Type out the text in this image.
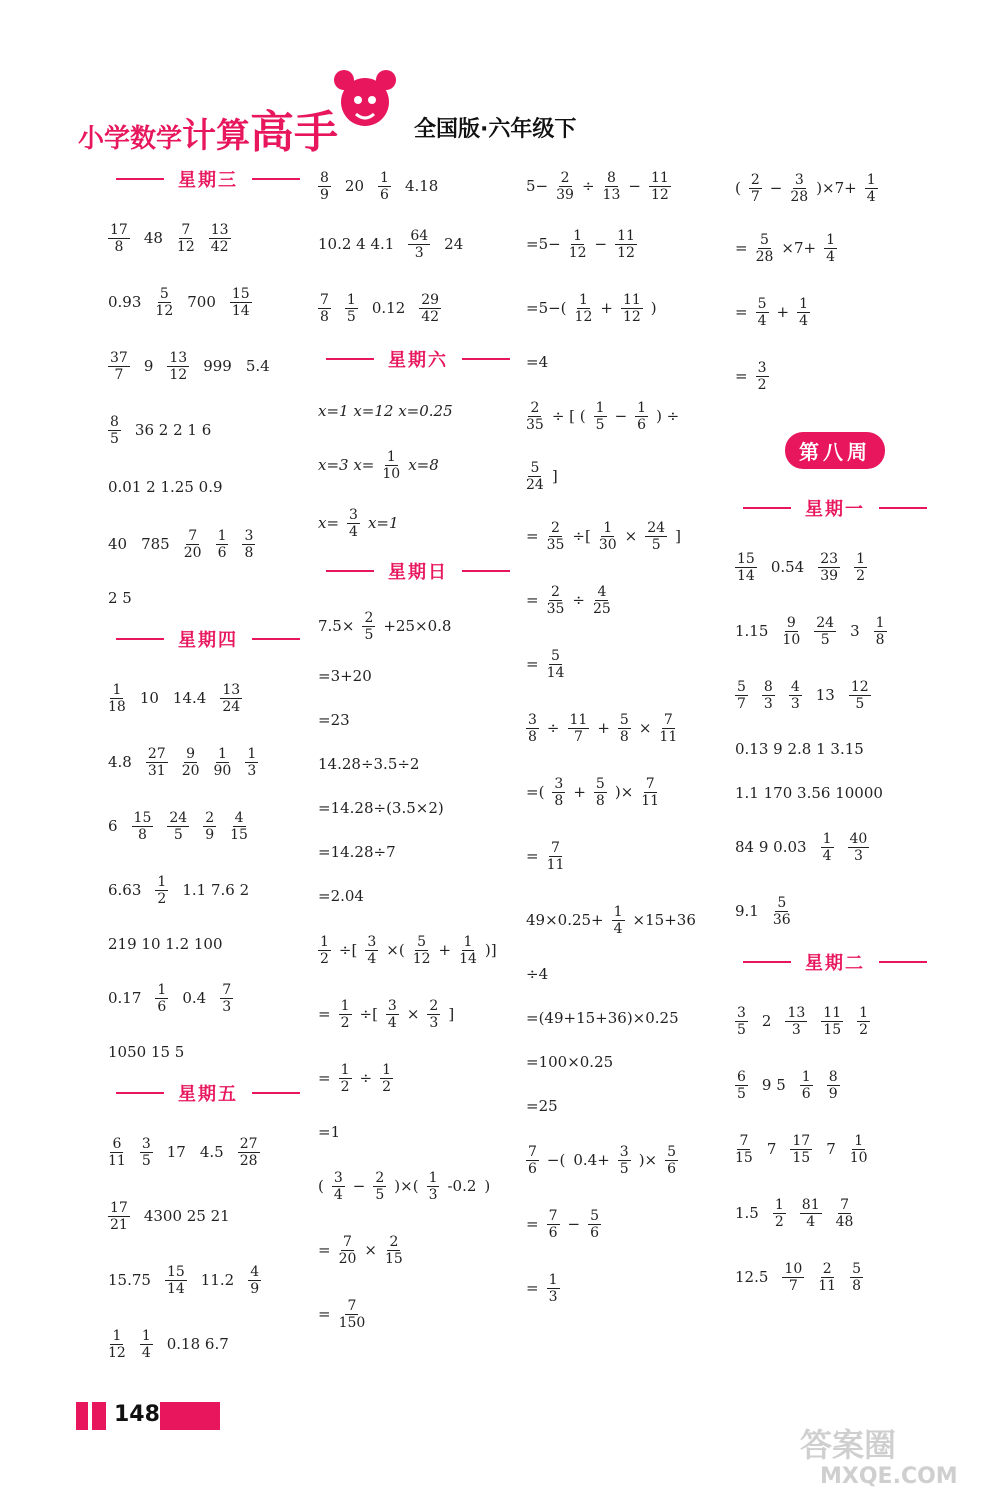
小学数学计算高手	全国版·六年级下
星期三
$\frac{17}{8} 48 \frac{7}{12} \frac{13}{42}$
$0.93 \frac{5}{12} 700 \frac{15}{14}$
$\frac{37}{7} 9 \frac{13}{12} 999$ 5.4
$\frac{8}{5} 36$ 2 2 1 6
0.01 2 1.25 0.9
40 $785 \frac{7}{20} \frac{1}{6} \frac{3}{8}$
2 5
星期四
$\frac{1}{18} 10$ $14.4 \frac{13}{24}$
$4.8 \frac{27}{31} \frac{9}{20} \frac{1}{90} \frac{1}{3}$
$6 \frac{15}{8} \frac{24}{5} \frac{2}{9} \frac{4}{15}$
$6.63 \frac{1}{2} 1.1$ 7.6 2
219 10 1.2 100
$0.17 \frac{1}{6} 0.4 \frac{7}{3}$
1050 15 5
星期五
$\frac{6}{11} \frac{3}{5} 17$ $4.5 \frac{27}{28}$
$\frac{17}{21} 4300$ 25 21
$15.75 \frac{15}{14} 11.2 \frac{4}{9}$
$\frac{1}{12} \frac{1}{4} 0.18$ 6.7
$\frac{8}{9} 20 \frac{1}{6} 4.18$
10.2 4 $4.1 \frac{64}{3} 24$
$\frac{7}{8} \frac{1}{5} 0.12 \frac{29}{42}$
星期六
x=1 x=12 x=0.25
x=3 $x= \frac{1}{10} x=8$
$x= \frac{3}{4} x=1$
星期日
$7.5\times \frac{2}{5} +25\times 0.8$
=3+20
=23
14.28÷3.5÷2
=14.28÷(3.5×2)
=14.28÷7
=2.04
$\frac{1}{2}$ ÷[ $\frac{3}{4}$ ×( $\frac{5}{12} + \frac{1}{14}$ )]
= $\frac{1}{2}$ ÷[ $\frac{3}{4} \times \frac{2}{3}$ ]
= $\frac{1}{2} \div \frac{1}{2}$
=1
( $\frac{3}{4} - \frac{2}{5}$ )×( $\frac{1}{3} -0.2$ )
= $\frac{7}{20} \times \frac{2}{15}$
= $\frac{7}{150}$
$5- \frac{2}{39} \div \frac{8}{13} - \frac{11}{12}$
$=5- \frac{1}{12} - \frac{11}{12}$
$=5-( \frac{1}{12} + \frac{11}{12}$ )
=4
$\frac{2}{35}$ ÷ [ ( $\frac{1}{5} - \frac{1}{6}$ ) ÷
$\frac{5}{24}$ ]
= $\frac{2}{35}$ ÷[ $\frac{1}{30} \times \frac{24}{5}$ ]
= $\frac{2}{35} \div \frac{4}{25}$
= $\frac{5}{14}$
$\frac{3}{8} \div \frac{11}{7} + \frac{5}{8} \times \frac{7}{11}$
=( $\frac{3}{8} + \frac{5}{8}$ )× $\frac{7}{11}$
= $\frac{7}{11}$
$49\times 0.25+ \frac{1}{4} \times 15+36$
÷4
=(49+15+36)×0.25
=100×0.25
=25
$\frac{7}{6}$ −( $0.4+ \frac{3}{5}$ )× $\frac{5}{6}$
= $\frac{7}{6} - \frac{5}{6}$
= $\frac{1}{3}$
( $\frac{2}{7} - \frac{3}{28} )\times 7+ \frac{1}{4}$
= $\frac{5}{28} \times 7+ \frac{1}{4}$
= $\frac{5}{4} + \frac{1}{4}$
= $\frac{3}{2}$
第八周
星期一
$\frac{15}{14} 0.54 \frac{23}{39} \frac{1}{2}$
$1.15 \frac{9}{10} \frac{24}{5} 3 \frac{1}{8}$
$\frac{5}{7} \frac{8}{3} \frac{4}{3} 13 \frac{12}{5}$
0.13 9 2.8 1 3.15
1.1 170 3.56 10000
84 9 $0.03 \frac{1}{4} \frac{40}{3}$
$9.1 \frac{5}{36}$
星期二
$\frac{3}{5} 2 \frac{13}{3} \frac{11}{15} \frac{1}{2}$
$\frac{6}{5} 9$ $5 \frac{1}{6} \frac{8}{9}$
$\frac{7}{15} 7 \frac{17}{15} 7 \frac{1}{10}$
$1.5 \frac{1}{2} \frac{81}{4} \frac{7}{48}$
$12.5 \frac{10}{7} \frac{2}{11} \frac{5}{8}$
148
答案圈
MXQE.COM
